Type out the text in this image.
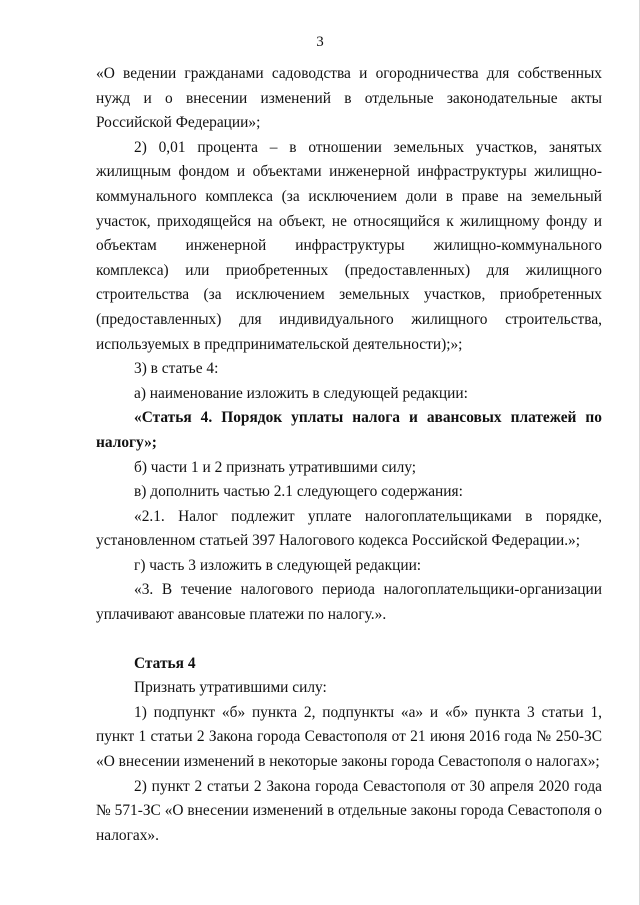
3

«О ведении гражданами садоводства и огородничества для собственных нужд и о внесении изменений в отдельные законодательные акты Российской Федерации»;

2) 0,01 процента – в отношении земельных участков, занятых жилищным фондом и объектами инженерной инфраструктуры жилищно-коммунального комплекса (за исключением доли в праве на земельный участок, приходящейся на объект, не относящийся к жилищному фонду и объектам инженерной инфраструктуры жилищно-коммунального комплекса) или приобретенных (предоставленных) для жилищного строительства (за исключением земельных участков, приобретенных (предоставленных) для индивидуального жилищного строительства, используемых в предпринимательской деятельности);»;

3) в статье 4:

а) наименование изложить в следующей редакции:

«Статья 4. Порядок уплаты налога и авансовых платежей по налогу»;

б) части 1 и 2 признать утратившими силу;

в) дополнить частью 2.1 следующего содержания:

«2.1. Налог подлежит уплате налогоплательщиками в порядке, установленном статьей 397 Налогового кодекса Российской Федерации.»;

г) часть 3 изложить в следующей редакции:

«3. В течение налогового периода налогоплательщики-организации уплачивают авансовые платежи по налогу.».

Статья 4

Признать утратившими силу:

1) подпункт «б» пункта 2, подпункты «а» и «б» пункта 3 статьи 1, пункт 1 статьи 2 Закона города Севастополя от 21 июня 2016 года № 250-ЗС «О внесении изменений в некоторые законы города Севастополя о налогах»;

2) пункт 2 статьи 2 Закона города Севастополя от 30 апреля 2020 года № 571-ЗС «О внесении изменений в отдельные законы города Севастополя о налогах».
